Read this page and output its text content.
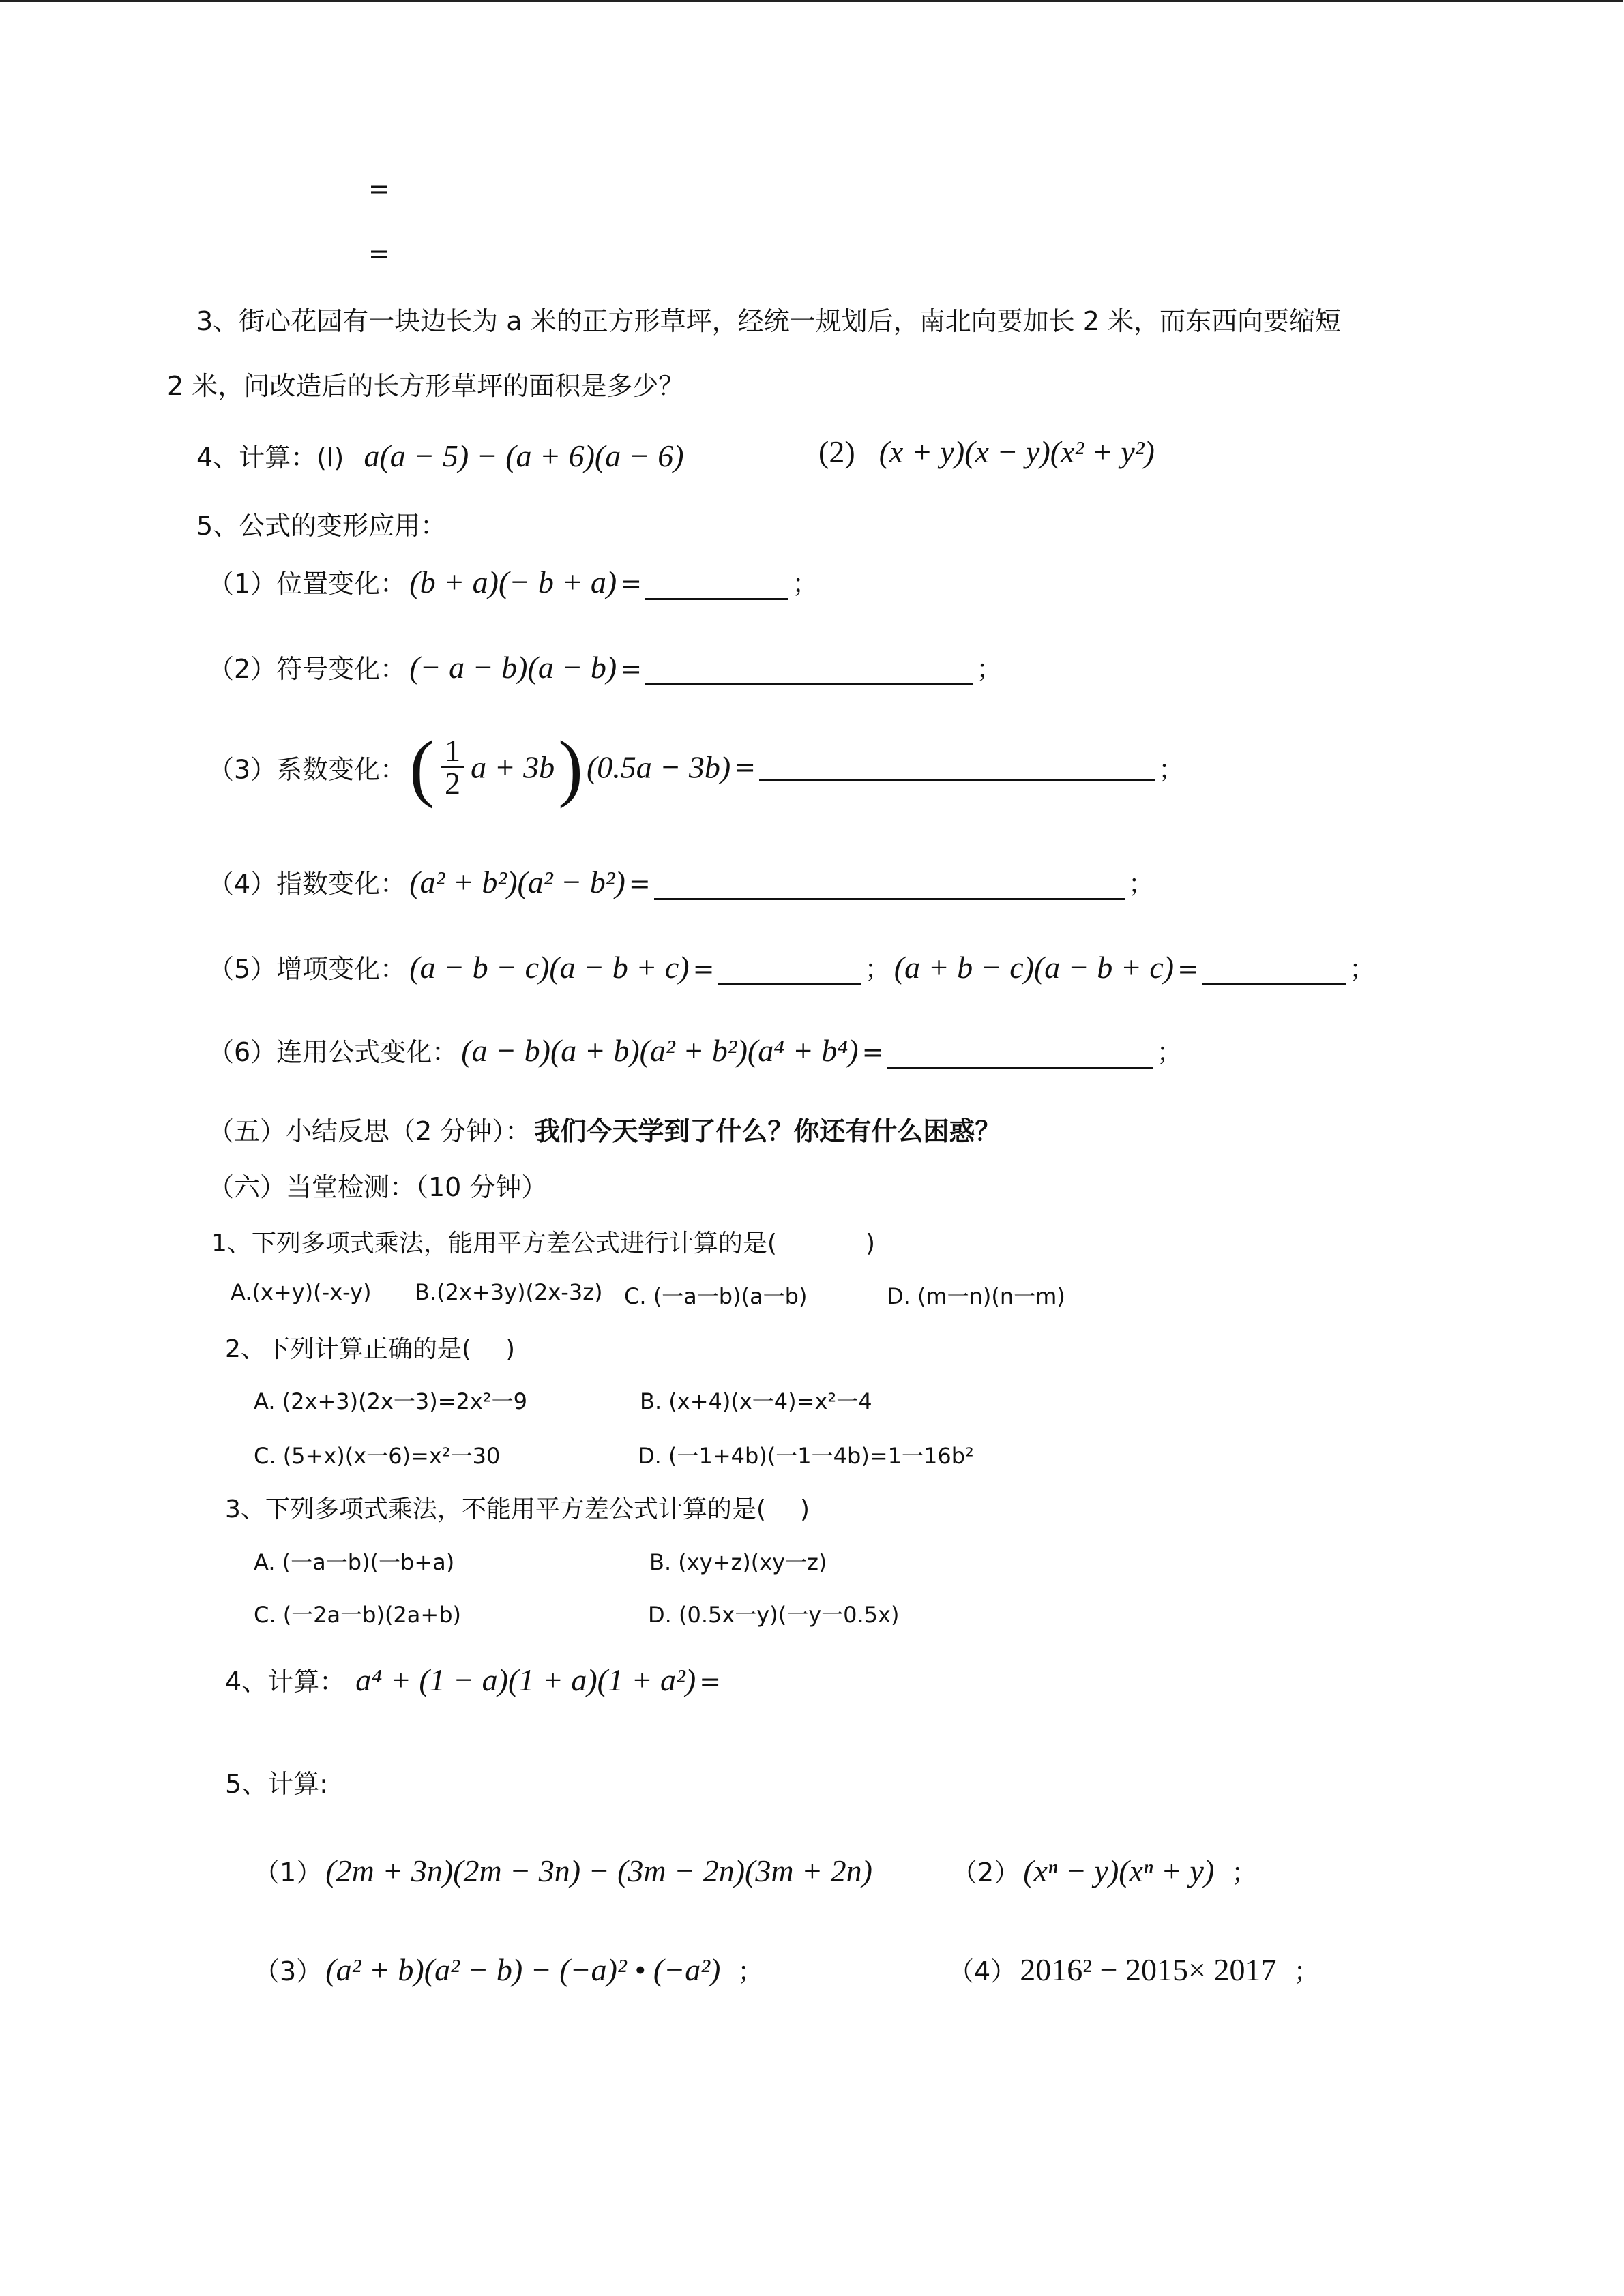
=
=
3、街心花园有一块边长为 a 米的正方形草坪，经统一规划后，南北向要加长 2 米，而东西向要缩短
2 米，问改造后的长方形草坪的面积是多少？
4、计算：(l) a(a − 5) − (a + 6)(a − 6)	(2) (x + y)(x − y)(x² + y²)
5、公式的变形应用：
（1）位置变化： (b + a)(− b + a) =	；
（2）符号变化： (− a − b)(a − b) =	；
（3）系数变化： ( $\frac{1}{2}$ a + 3b ) (0.5a − 3b) =	；
（4）指数变化： (a² + b²)(a² − b²) =	；
（5）增项变化： (a − b − c)(a − b + c) =	； (a + b − c)(a − b + c) =	；
（6）连用公式变化： (a − b)(a + b)(a² + b²)(a⁴ + b⁴) =	；
（五）小结反思（2 分钟）： 我们今天学到了什么？你还有什么困惑？
（六）当堂检测：（10 分钟）
1、下列多项式乘法，能用平方差公式进行计算的是(	)
A.(x+y)(-x-y) B.(2x+3y)(2x-3z) C. (一a一b)(a一b)	D. (m一n)(n一m)
2、下列计算正确的是( )
A. (2x+3)(2x一3)=2x²一9	B. (x+4)(x一4)=x²一4
C. (5+x)(x一6)=x²一30	D. (一1+4b)(一1一4b)=1一16b²
3、下列多项式乘法，不能用平方差公式计算的是( )
A. (一a一b)(一b+a)	B. (xy+z)(xy一z)
C. (一2a一b)(2a+b)	D. (0.5x一y)(一y一0.5x)
4、计算： a⁴ + (1 − a)(1 + a)(1 + a²) =
5、计算:
（1） (2m + 3n)(2m − 3n) − (3m − 2n)(3m + 2n)	（2） (xⁿ − y)(xⁿ + y) ；
（3） (a² + b)(a² − b) − (−a)² • (−a²) ；	（4） 2016² − 2015× 2017 ；
